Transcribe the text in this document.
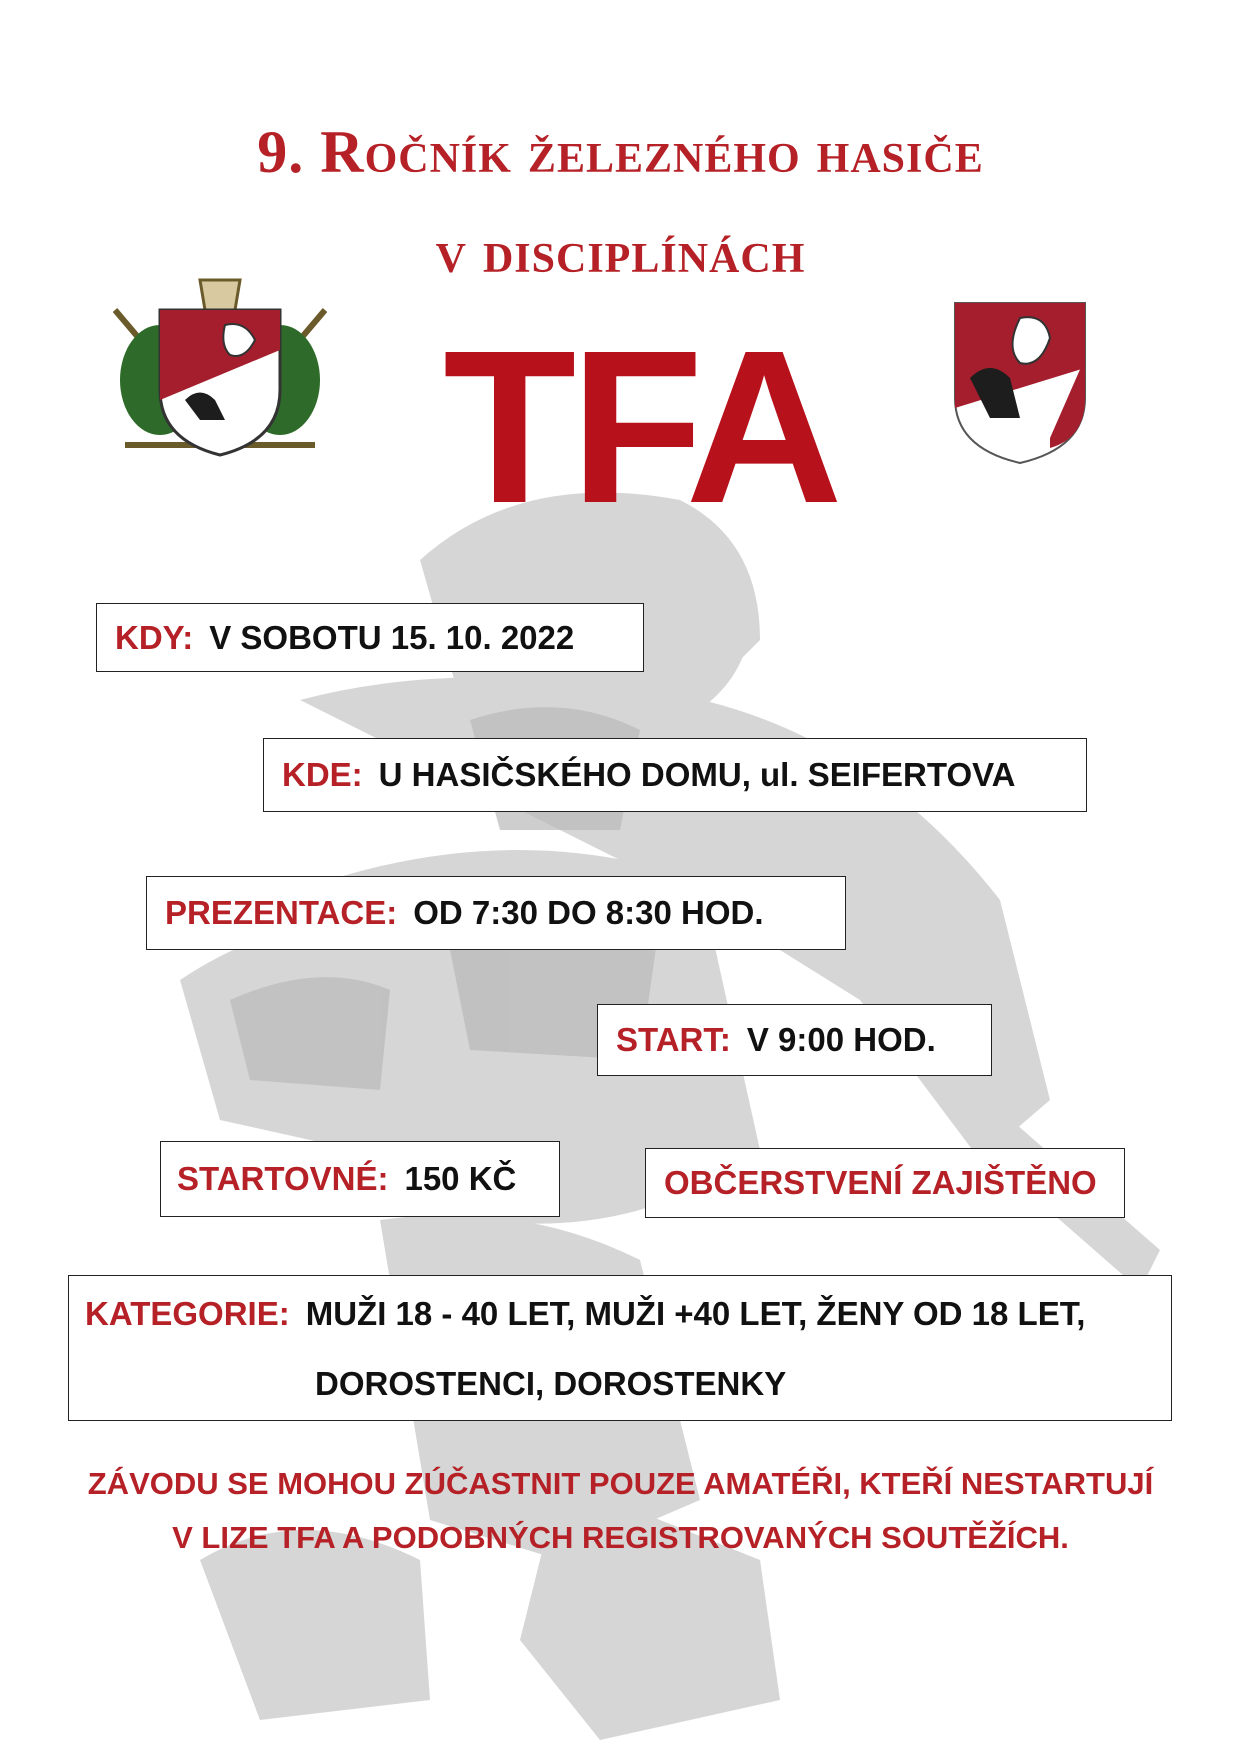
9. Ročník železného hasiče
v disciplínách
TFA
KDY: V SOBOTU 15. 10. 2022
KDE: U HASIČSKÉHO DOMU, ul. SEIFERTOVA
PREZENTACE: OD 7:30 DO 8:30 HOD.
START: V 9:00 HOD.
STARTOVNÉ: 150 KČ	OBČERSTVENÍ ZAJIŠTĚNO
KATEGORIE: MUŽI 18 - 40 LET, MUŽI +40 LET, ŽENY OD 18 LET,
DOROSTENCI, DOROSTENKY
ZÁVODU SE MOHOU ZÚČASTNIT POUZE AMATÉŘI, KTEŘÍ NESTARTUJÍ
V LIZE TFA A PODOBNÝCH REGISTROVANÝCH SOUTĚŽÍCH.
